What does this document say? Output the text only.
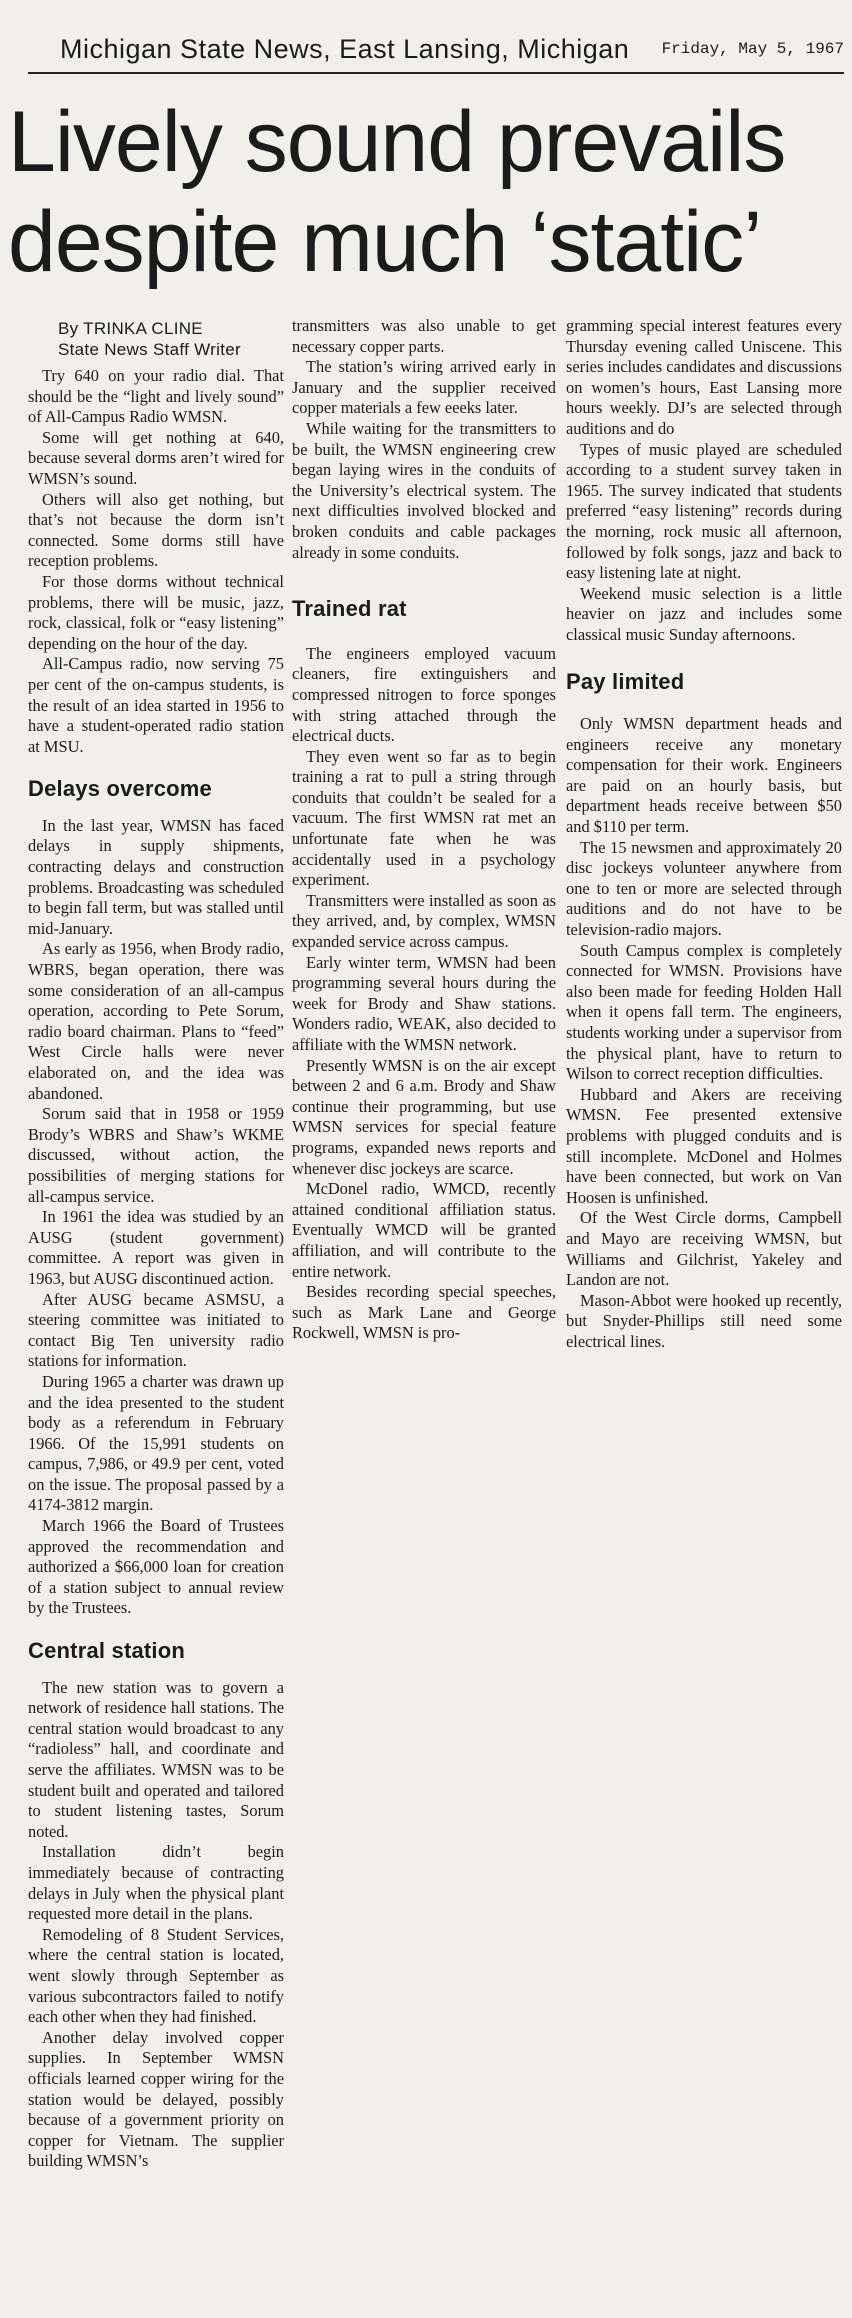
Michigan State News, East Lansing, Michigan Friday, May 5, 1967
Lively sound prevails
despite much ‘static’
By TRINKA CLINE
State News Staff Writer

Try 640 on your radio dial. That should be the “light and lively sound” of All-Campus Radio WMSN.

Some will get nothing at 640, because several dorms aren’t wired for WMSN’s sound.

Others will also get nothing, but that’s not because the dorm isn’t connected. Some dorms still have reception problems.

For those dorms without technical problems, there will be music, jazz, rock, classical, folk or “easy listening” depending on the hour of the day.

All-Campus radio, now serving 75 per cent of the on-campus students, is the result of an idea started in 1956 to have a student-operated radio station at MSU.

Delays overcome

In the last year, WMSN has faced delays in supply shipments, contracting delays and construction problems. Broadcasting was scheduled to begin fall term, but was stalled until mid-January.

As early as 1956, when Brody radio, WBRS, began operation, there was some consideration of an all-campus operation, according to Pete Sorum, radio board chairman. Plans to “feed” West Circle halls were never elaborated on, and the idea was abandoned.

Sorum said that in 1958 or 1959 Brody’s WBRS and Shaw’s WKME discussed, without action, the possibilities of merging stations for all-campus service.

In 1961 the idea was studied by an AUSG (student government) committee. A report was given in 1963, but AUSG discontinued action.

After AUSG became ASMSU, a steering committee was initiated to contact Big Ten university radio stations for information.

During 1965 a charter was drawn up and the idea presented to the student body as a referendum in February 1966. Of the 15,991 students on campus, 7,986, or 49.9 per cent, voted on the issue. The proposal passed by a 4174-3812 margin.

March 1966 the Board of Trustees approved the recommendation and authorized a $66,000 loan for creation of a station subject to annual review by the Trustees.

Central station

The new station was to govern a network of residence hall stations. The central station would broadcast to any “radioless” hall, and coordinate and serve the affiliates. WMSN was to be student built and operated and tailored to student listening tastes, Sorum noted.

Installation didn’t begin immediately because of contracting delays in July when the physical plant requested more detail in the plans.

Remodeling of 8 Student Services, where the central station is located, went slowly through September as various subcontractors failed to notify each other when they had finished.

Another delay involved copper supplies. In September WMSN officials learned copper wiring for the station would be delayed, possibly because of a government priority on copper for Vietnam. The supplier building WMSN’s

transmitters was also unable to get necessary copper parts.

The station’s wiring arrived early in January and the supplier received copper materials a few eeeks later.

While waiting for the transmitters to be built, the WMSN engineering crew began laying wires in the conduits of the University’s electrical system. The next difficulties involved blocked and broken conduits and cable packages already in some conduits.

Trained rat

The engineers employed vacuum cleaners, fire extinguishers and compressed nitrogen to force sponges with string attached through the electrical ducts.

They even went so far as to begin training a rat to pull a string through conduits that couldn’t be sealed for a vacuum. The first WMSN rat met an unfortunate fate when he was accidentally used in a psychology experiment.

Transmitters were installed as soon as they arrived, and, by complex, WMSN expanded service across campus.

Early winter term, WMSN had been programming several hours during the week for Brody and Shaw stations. Wonders radio, WEAK, also decided to affiliate with the WMSN network.

Presently WMSN is on the air except between 2 and 6 a.m. Brody and Shaw continue their programming, but use WMSN services for special feature programs, expanded news reports and whenever disc jockeys are scarce.

McDonel radio, WMCD, recently attained conditional affiliation status. Eventually WMCD will be granted affiliation, and will contribute to the entire network.

Besides recording special speeches, such as Mark Lane and George Rockwell, WMSN is pro-

gramming special interest features every Thursday evening called Uniscene. This series includes candidates and discussions on women’s hours, East Lansing more hours weekly. DJ’s are selected through auditions and do

Types of music played are scheduled according to a student survey taken in 1965. The survey indicated that students preferred “easy listening” records during the morning, rock music all afternoon, followed by folk songs, jazz and back to easy listening late at night.

Weekend music selection is a little heavier on jazz and includes some classical music Sunday afternoons.

Pay limited

Only WMSN department heads and engineers receive any monetary compensation for their work. Engineers are paid on an hourly basis, but department heads receive between $50 and $110 per term.

The 15 newsmen and approximately 20 disc jockeys volunteer anywhere from one to ten or more are selected through auditions and do not have to be television-radio majors.

South Campus complex is completely connected for WMSN. Provisions have also been made for feeding Holden Hall when it opens fall term. The engineers, students working under a supervisor from the physical plant, have to return to Wilson to correct reception difficulties.

Hubbard and Akers are receiving WMSN. Fee presented extensive problems with plugged conduits and is still incomplete. McDonel and Holmes have been connected, but work on Van Hoosen is unfinished.

Of the West Circle dorms, Campbell and Mayo are receiving WMSN, but Williams and Gilchrist, Yakeley and Landon are not.

Mason-Abbot were hooked up recently, but Snyder-Phillips still need some electrical lines.
